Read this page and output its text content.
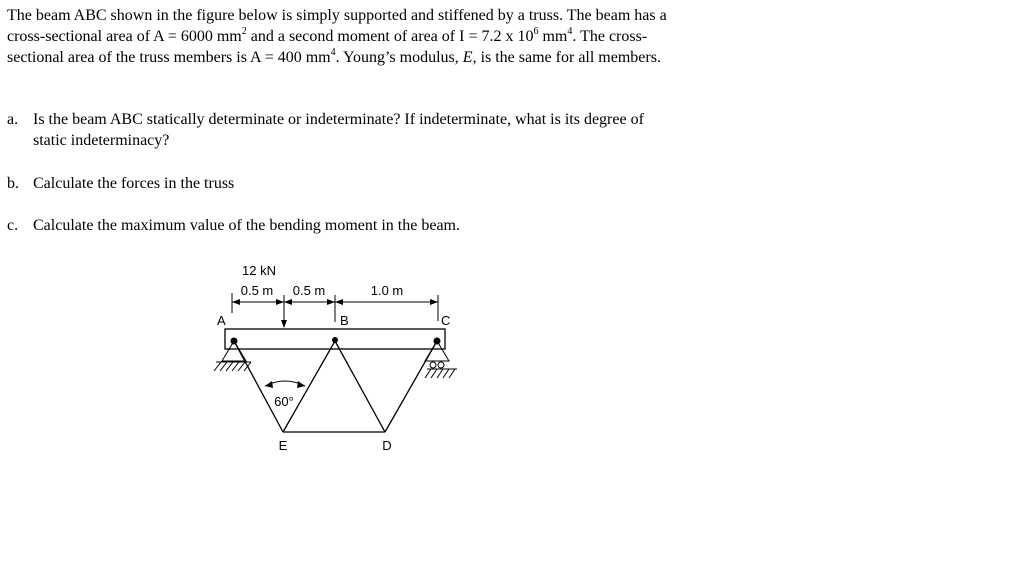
The beam ABC shown in the figure below is simply supported and stiffened by a truss. The beam has a cross-sectional area of A = 6000 $mm^2$ and a second moment of area of I = 7.2 x $10^6$ $mm^4$. The cross-sectional area of the truss members is A = 400 $mm^4$. Young’s modulus, E, is the same for all members.

a. Is the beam ABC statically determinate or indeterminate? If indeterminate, what is its degree of static indeterminacy?
b. Calculate the forces in the truss
c. Calculate the maximum value of the bending moment in the beam.
12 kN
0.5 m 0.5 m	1.0 m
A	B	C
60°
E	D
